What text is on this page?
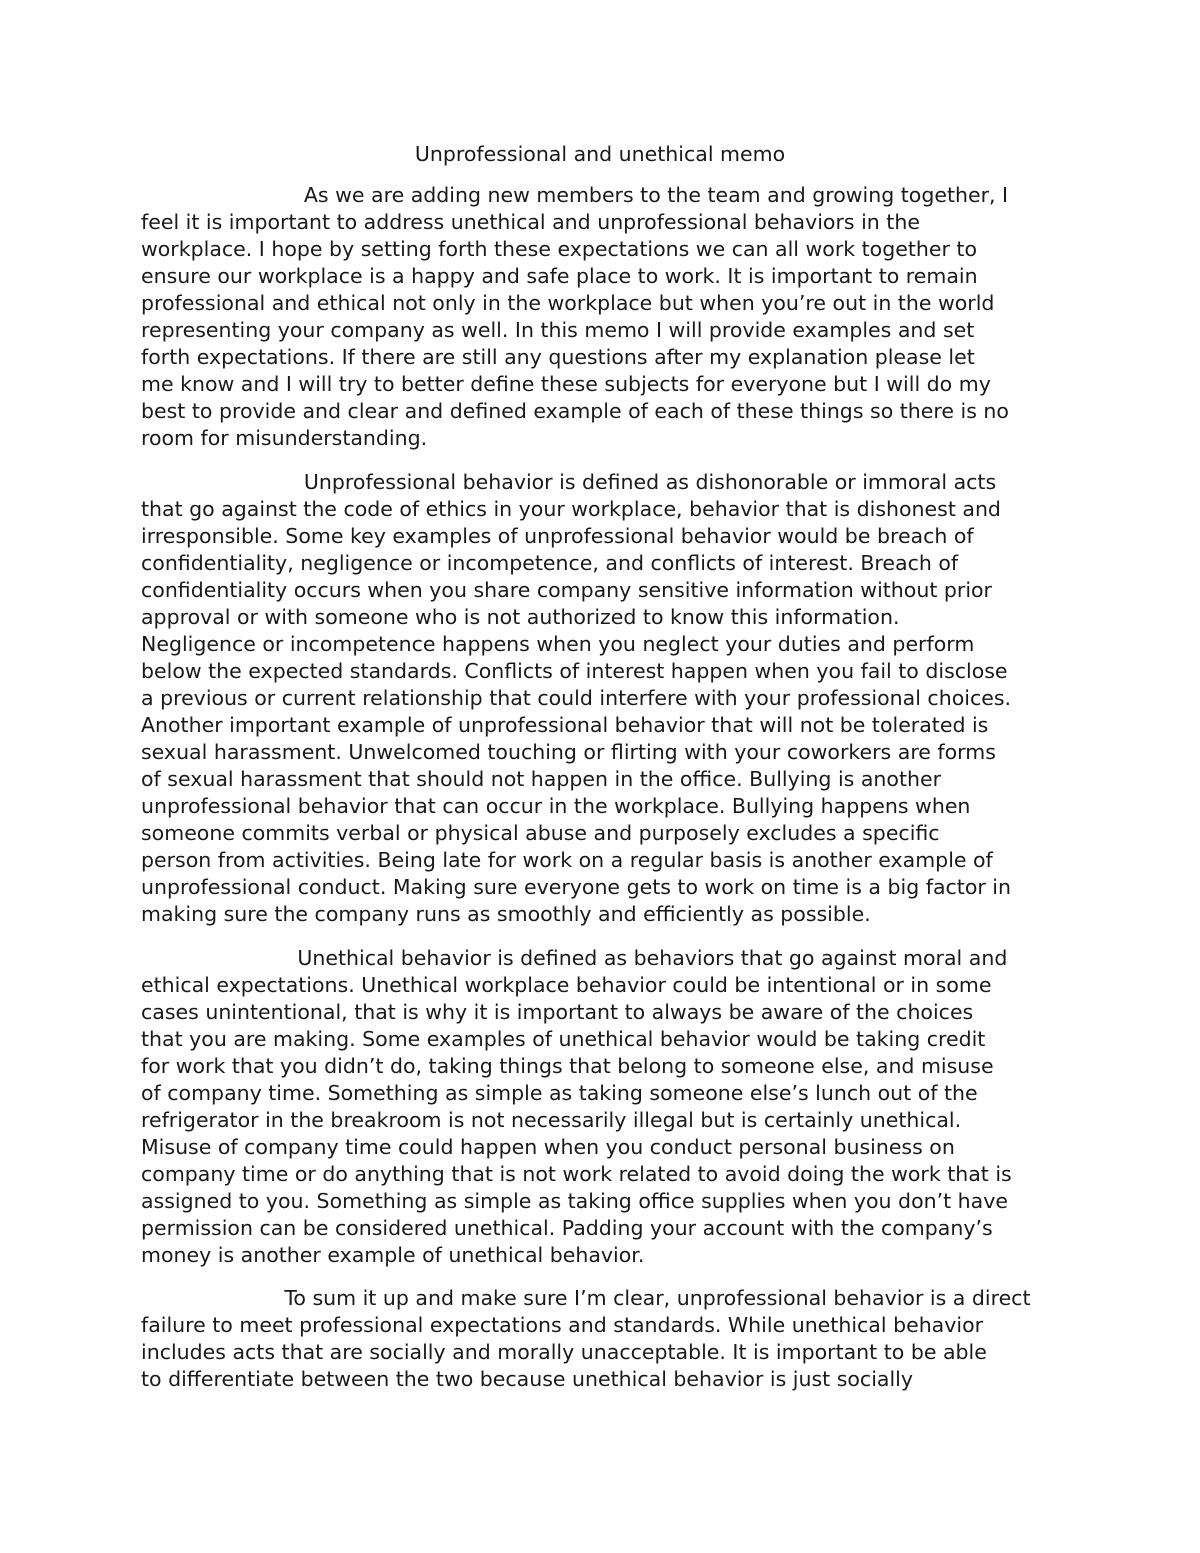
Unprofessional and unethical memo
As we are adding new members to the team and growing together, I
feel it is important to address unethical and unprofessional behaviors in the
workplace. I hope by setting forth these expectations we can all work together to
ensure our workplace is a happy and safe place to work. It is important to remain
professional and ethical not only in the workplace but when you’re out in the world
representing your company as well. In this memo I will provide examples and set
forth expectations. If there are still any questions after my explanation please let
me know and I will try to better define these subjects for everyone but I will do my
best to provide and clear and defined example of each of these things so there is no
room for misunderstanding.
Unprofessional behavior is defined as dishonorable or immoral acts
that go against the code of ethics in your workplace, behavior that is dishonest and
irresponsible. Some key examples of unprofessional behavior would be breach of
confidentiality, negligence or incompetence, and conflicts of interest. Breach of
confidentiality occurs when you share company sensitive information without prior
approval or with someone who is not authorized to know this information.
Negligence or incompetence happens when you neglect your duties and perform
below the expected standards. Conflicts of interest happen when you fail to disclose
a previous or current relationship that could interfere with your professional choices.
Another important example of unprofessional behavior that will not be tolerated is
sexual harassment. Unwelcomed touching or flirting with your coworkers are forms
of sexual harassment that should not happen in the office. Bullying is another
unprofessional behavior that can occur in the workplace. Bullying happens when
someone commits verbal or physical abuse and purposely excludes a specific
person from activities. Being late for work on a regular basis is another example of
unprofessional conduct. Making sure everyone gets to work on time is a big factor in
making sure the company runs as smoothly and efficiently as possible.
Unethical behavior is defined as behaviors that go against moral and
ethical expectations. Unethical workplace behavior could be intentional or in some
cases unintentional, that is why it is important to always be aware of the choices
that you are making. Some examples of unethical behavior would be taking credit
for work that you didn’t do, taking things that belong to someone else, and misuse
of company time. Something as simple as taking someone else’s lunch out of the
refrigerator in the breakroom is not necessarily illegal but is certainly unethical.
Misuse of company time could happen when you conduct personal business on
company time or do anything that is not work related to avoid doing the work that is
assigned to you. Something as simple as taking office supplies when you don’t have
permission can be considered unethical. Padding your account with the company’s
money is another example of unethical behavior.
To sum it up and make sure I’m clear, unprofessional behavior is a direct
failure to meet professional expectations and standards. While unethical behavior
includes acts that are socially and morally unacceptable. It is important to be able
to differentiate between the two because unethical behavior is just socially
